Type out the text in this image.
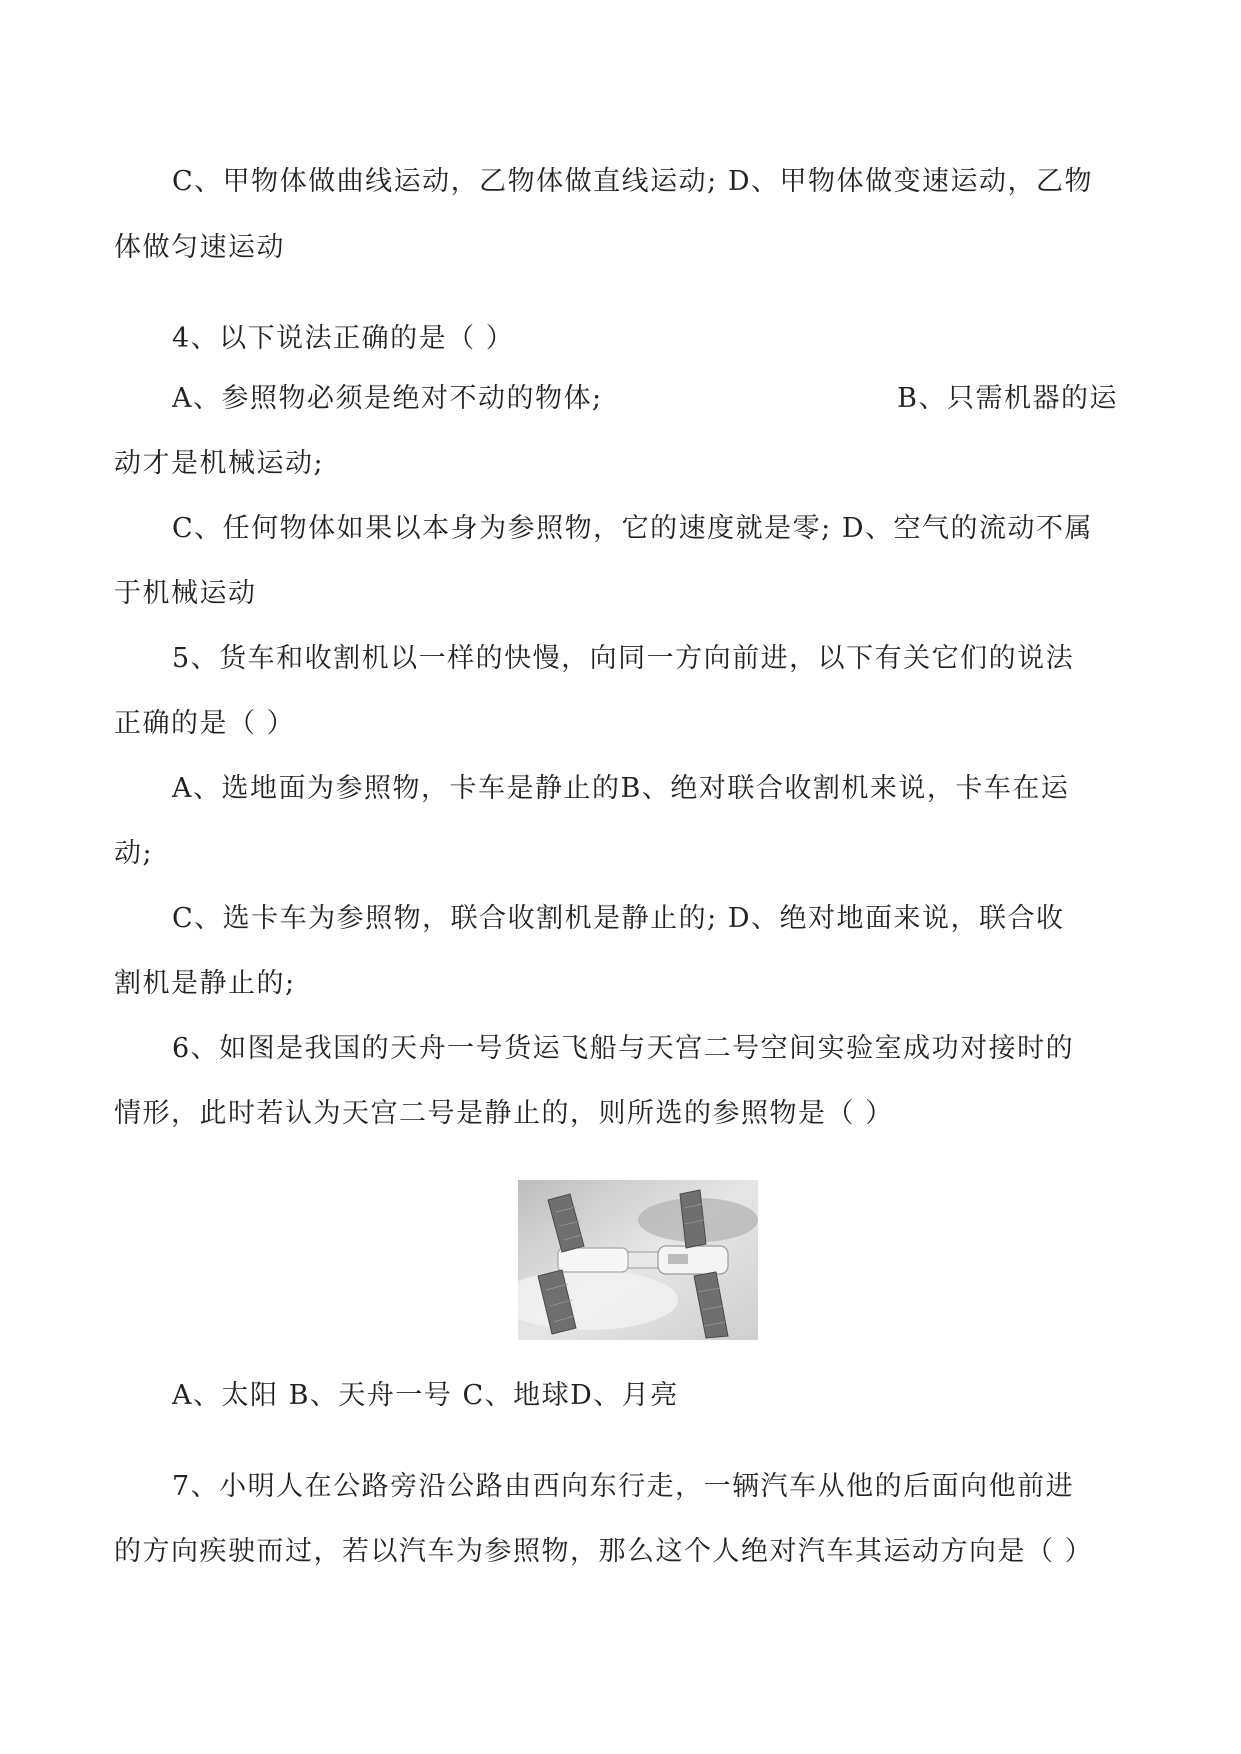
C、甲物体做曲线运动，乙物体做直线运动; D、甲物体做变速运动，乙物
体做匀速运动
4、以下说法正确的是（ ）
A、参照物必须是绝对不动的物体;	B、只需机器的运
动才是机械运动;
C、任何物体如果以本身为参照物，它的速度就是零; D、空气的流动不属
于机械运动
5、货车和收割机以一样的快慢，向同一方向前进，以下有关它们的说法
正确的是（ ）
A、选地面为参照物，卡车是静止的B、绝对联合收割机来说，卡车在运
动;
C、选卡车为参照物，联合收割机是静止的; D、绝对地面来说，联合收
割机是静止的;
6、如图是我国的天舟一号货运飞船与天宫二号空间实验室成功对接时的
情形，此时若认为天宫二号是静止的，则所选的参照物是（ ）
A、太阳 B、天舟一号 C、地球D、月亮
7、小明人在公路旁沿公路由西向东行走，一辆汽车从他的后面向他前进
的方向疾驶而过，若以汽车为参照物，那么这个人绝对汽车其运动方向是（ ）
